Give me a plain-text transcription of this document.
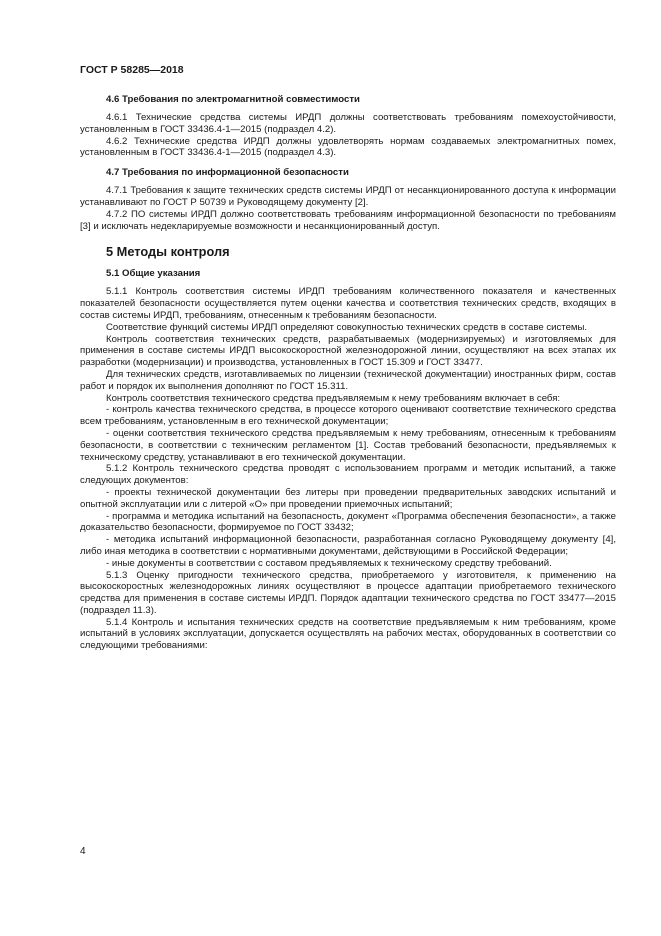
ГОСТ Р 58285—2018
4.6 Требования по электромагнитной совместимости

4.6.1 Технические средства системы ИРДП должны соответствовать требованиям помехоустойчивости, установленным в ГОСТ 33436.4-1—2015 (подраздел 4.2).

4.6.2 Технические средства ИРДП должны удовлетворять нормам создаваемых электромагнитных помех, установленным в ГОСТ 33436.4-1—2015 (подраздел 4.3).

4.7 Требования по информационной безопасности

4.7.1 Требования к защите технических средств системы ИРДП от несанкционированного доступа к информации устанавливают по ГОСТ Р 50739 и Руководящему документу [2].

4.7.2 ПО системы ИРДП должно соответствовать требованиям информационной безопасности по требованиям [3] и исключать недекларируемые возможности и несанкционированный доступ.

5 Методы контроля
5.1 Общие указания

5.1.1 Контроль соответствия системы ИРДП требованиям количественного показателя и качественных показателей безопасности осуществляется путем оценки качества и соответствия технических средств, входящих в состав системы ИРДП, требованиям, отнесенным к требованиям безопасности.

Соответствие функций системы ИРДП определяют совокупностью технических средств в составе системы.

Контроль соответствия технических средств, разрабатываемых (модернизируемых) и изготовляемых для применения в составе системы ИРДП высокоскоростной железнодорожной линии, осуществляют на всех этапах их разработки (модернизации) и производства, установленных в ГОСТ 15.309 и ГОСТ 33477.

Для технических средств, изготавливаемых по лицензии (технической документации) иностранных фирм, состав работ и порядок их выполнения дополняют по ГОСТ 15.311.

Контроль соответствия технического средства предъявляемым к нему требованиям включает в себя:

- контроль качества технического средства, в процессе которого оценивают соответствие технического средства всем требованиям, установленным в его технической документации;

- оценки соответствия технического средства предъявляемым к нему требованиям, отнесенным к требованиям безопасности, в соответствии с техническим регламентом [1]. Состав требований безопасности, предъявляемых к техническому средству, устанавливают в его технической документации.

5.1.2 Контроль технического средства проводят с использованием программ и методик испытаний, а также следующих документов:

- проекты технической документации без литеры при проведении предварительных заводских испытаний и опытной эксплуатации или с литерой «О» при проведении приемочных испытаний;

- программа и методика испытаний на безопасность, документ «Программа обеспечения безопасности», а также доказательство безопасности, формируемое по ГОСТ 33432;

- методика испытаний информационной безопасности, разработанная согласно Руководящему документу [4], либо иная методика в соответствии с нормативными документами, действующими в Российской Федерации;

- иные документы в соответствии с составом предъявляемых к техническому средству требований.

5.1.3 Оценку пригодности технического средства, приобретаемого у изготовителя, к применению на высокоскоростных железнодорожных линиях осуществляют в процессе адаптации приобретаемого технического средства для применения в составе системы ИРДП. Порядок адаптации технического средства по ГОСТ 33477—2015 (подраздел 11.3).

5.1.4 Контроль и испытания технических средств на соответствие предъявляемым к ним требованиям, кроме испытаний в условиях эксплуатации, допускается осуществлять на рабочих местах, оборудованных в соответствии со следующими требованиями:

4
